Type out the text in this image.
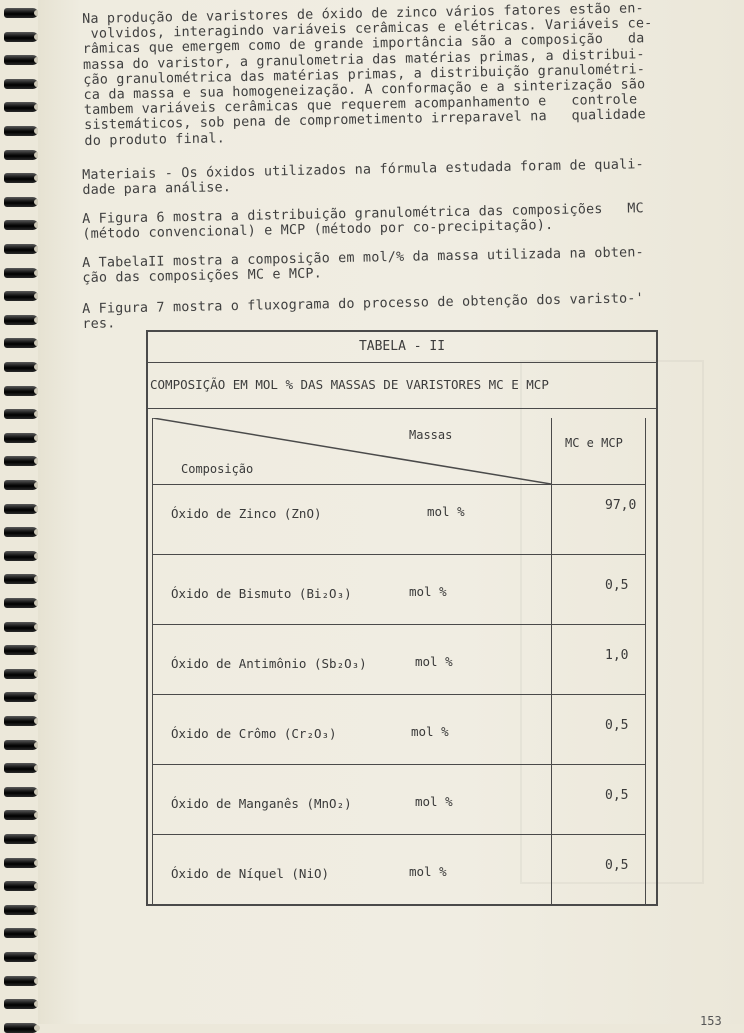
Na produção de varistores de óxido de zinco vários fatores estão en-
volvidos, interagindo variáveis cerâmicas e elétricas. Variáveis ce-
râmicas que emergem como de grande importância são a composição   da
massa do varistor, a granulometria das matérias primas, a distribui-
ção granulométrica das matérias primas, a distribuição granulométri-
ca da massa e sua homogeneização. A conformação e a sinterização são
tambem variáveis cerâmicas que requerem acompanhamento e   controle
sistemáticos, sob pena de comprometimento irreparavel na   qualidade
do produto final.
Materiais - Os óxidos utilizados na fórmula estudada foram de quali-
dade para análise.
A Figura 6 mostra a distribuição granulométrica das composições   MC
(método convencional) e MCP (método por co-precipitação).
A TabelaII mostra a composição em mol/% da massa utilizada na obten-
ção das composições MC e MCP.
A Figura 7 mostra o fluxograma do processo de obtenção dos varisto-'
res.
TABELA - II
COMPOSIÇÃO EM MOL % DAS MASSAS DE VARISTORES MC E MCP
Massas
Composição
MC e MCP
Óxido de Zinco (ZnO)	mol %	97,0
Óxido de Bismuto (Bi₂O₃)	mol %	0,5
Óxido de Antimônio (Sb₂O₃)	mol %	1,0
Óxido de Crômo (Cr₂O₃)	mol %	0,5
Óxido de Manganês (MnO₂)	mol %	0,5
Óxido de Níquel (NiO)	mol %	0,5
153
